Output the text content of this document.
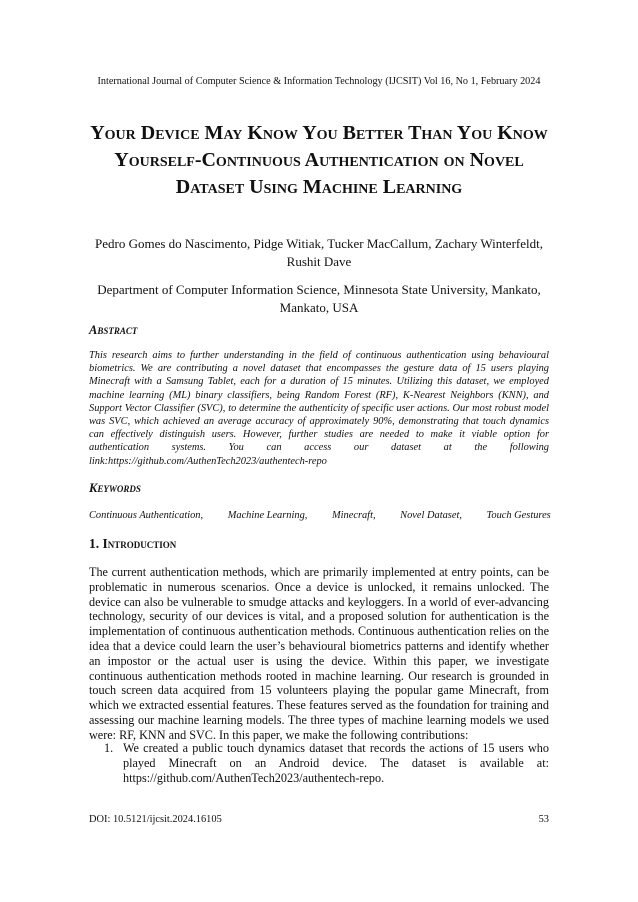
International Journal of Computer Science & Information Technology (IJCSIT) Vol 16, No 1, February 2024
Your Device May Know You Better Than You Know Yourself-Continuous Authentication on Novel Dataset Using Machine Learning
Pedro Gomes do Nascimento, Pidge Witiak, Tucker MacCallum, Zachary Winterfeldt, Rushit Dave
Department of Computer Information Science, Minnesota State University, Mankato, Mankato, USA
Abstract
This research aims to further understanding in the field of continuous authentication using behavioural biometrics. We are contributing a novel dataset that encompasses the gesture data of 15 users playing Minecraft with a Samsung Tablet, each for a duration of 15 minutes. Utilizing this dataset, we employed machine learning (ML) binary classifiers, being Random Forest (RF), K-Nearest Neighbors (KNN), and Support Vector Classifier (SVC), to determine the authenticity of specific user actions. Our most robust model was SVC, which achieved an average accuracy of approximately 90%, demonstrating that touch dynamics can effectively distinguish users. However, further studies are needed to make it viable option for authentication systems. You can access our dataset at the following link:https://github.com/AuthenTech2023/authentech-repo
Keywords
Continuous Authentication, Machine Learning, Minecraft, Novel Dataset, Touch Gestures
1. Introduction
The current authentication methods, which are primarily implemented at entry points, can be problematic in numerous scenarios. Once a device is unlocked, it remains unlocked. The device can also be vulnerable to smudge attacks and keyloggers. In a world of ever-advancing technology, security of our devices is vital, and a proposed solution for authentication is the implementation of continuous authentication methods. Continuous authentication relies on the idea that a device could learn the user’s behavioural biometrics patterns and identify whether an impostor or the actual user is using the device. Within this paper, we investigate continuous authentication methods rooted in machine learning. Our research is grounded in touch screen data acquired from 15 volunteers playing the popular game Minecraft, from which we extracted essential features. These features served as the foundation for training and assessing our machine learning models. The three types of machine learning models we used were: RF, KNN and SVC. In this paper, we make the following contributions:
1. We created a public touch dynamics dataset that records the actions of 15 users who played Minecraft on an Android device. The dataset is available at: https://github.com/AuthenTech2023/authentech-repo.
DOI: 10.5121/ijcsit.2024.16105	53
